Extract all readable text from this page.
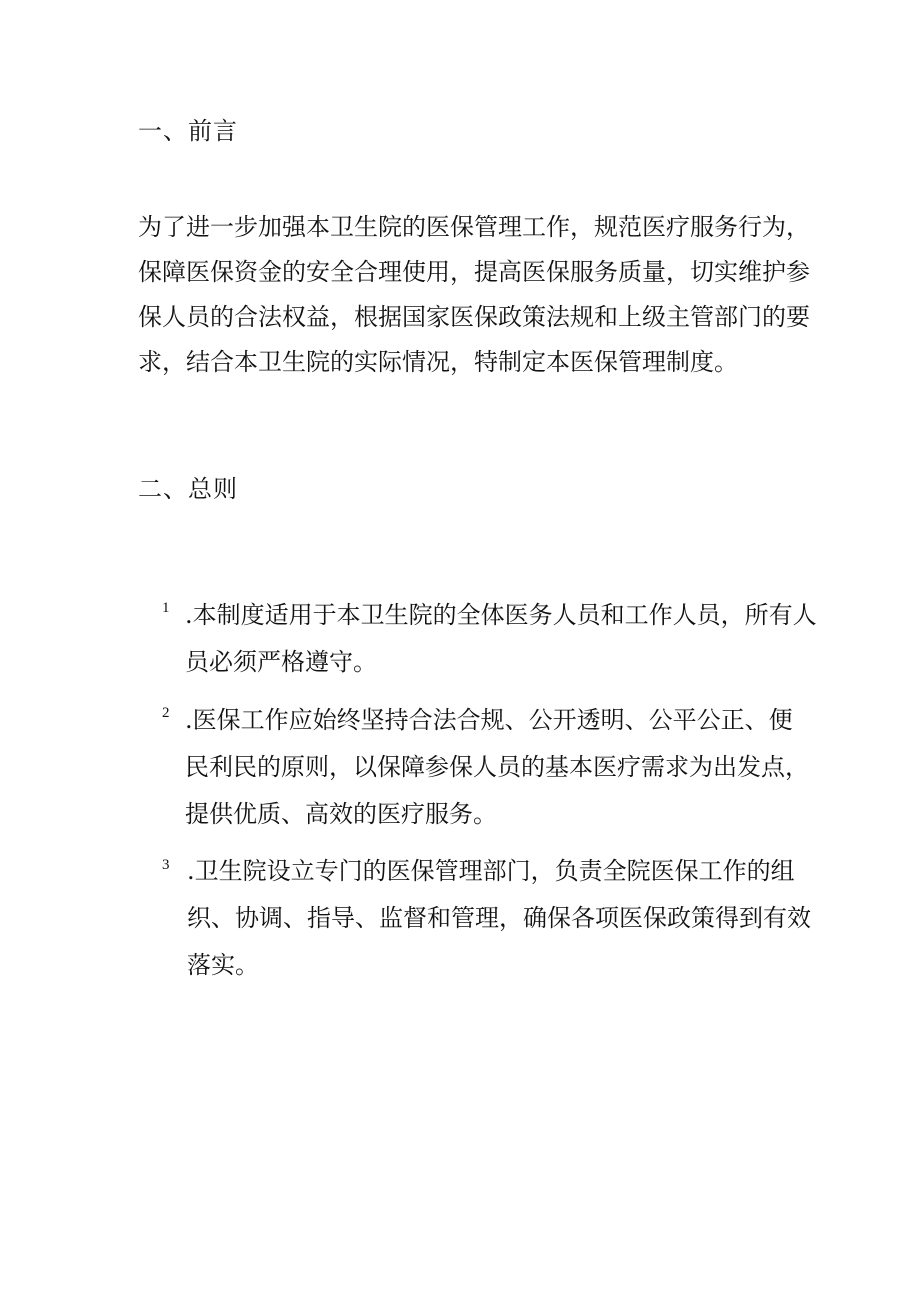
一、前言
为了进一步加强本卫生院的医保管理工作，规范医疗服务行为，
保障医保资金的安全合理使用，提高医保服务质量，切实维护参
保人员的合法权益，根据国家医保政策法规和上级主管部门的要
求，结合本卫生院的实际情况，特制定本医保管理制度。
二、总则
1 .本制度适用于本卫生院的全体医务人员和工作人员，所有人
员必须严格遵守。
2 .医保工作应始终坚持合法合规、公开透明、公平公正、便
民利民的原则，以保障参保人员的基本医疗需求为出发点，
提供优质、高效的医疗服务。
3 .卫生院设立专门的医保管理部门，负责全院医保工作的组
织、协调、指导、监督和管理，确保各项医保政策得到有效
落实。
